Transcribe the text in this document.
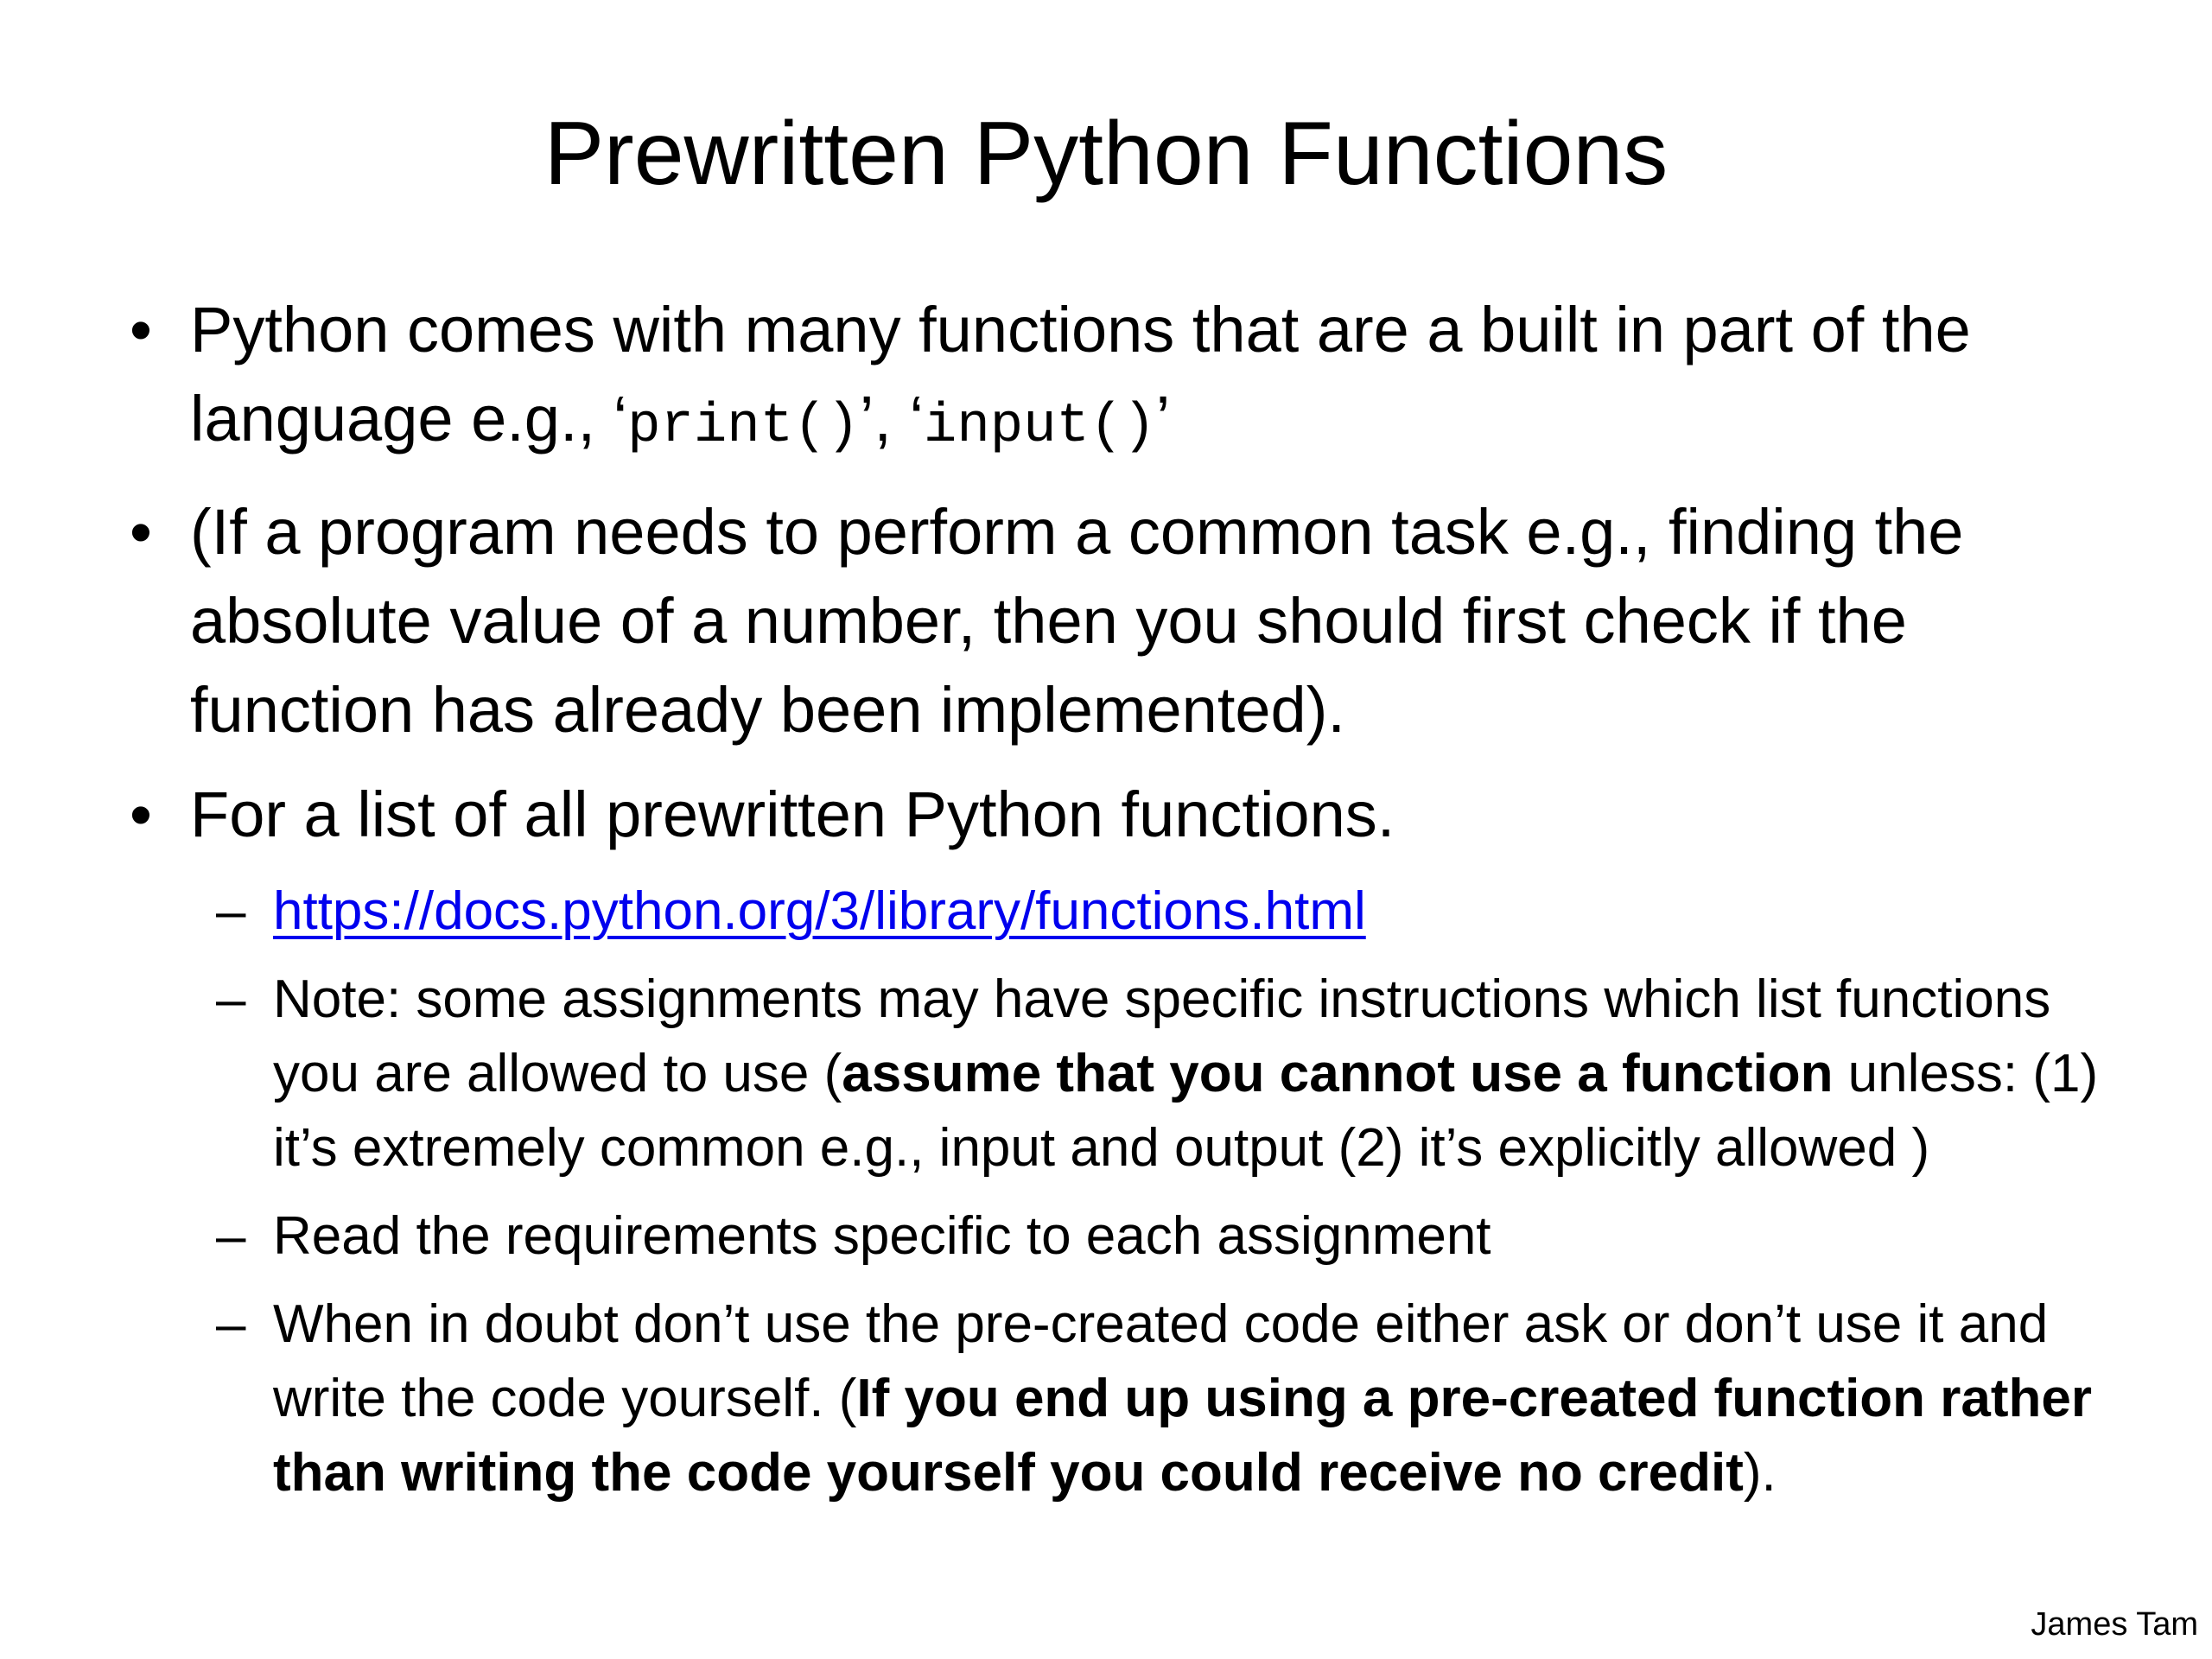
Prewritten Python Functions
• Python comes with many functions that are a built in part of the language e.g., ‘print()’, ‘input()’
• (If a program needs to perform a common task e.g., finding the absolute value of a number, then you should first check if the function has already been implemented).
• For a list of all prewritten Python functions.
– https://docs.python.org/3/library/functions.html
– Note: some assignments may have specific instructions which list functions you are allowed to use (assume that you cannot use a function unless: (1) it’s extremely common e.g., input and output (2) it’s explicitly allowed )
– Read the requirements specific to each assignment
– When in doubt don’t use the pre-created code either ask or don’t use it and write the code yourself. (If you end up using a pre-created function rather than writing the code yourself you could receive no credit).
James Tam
